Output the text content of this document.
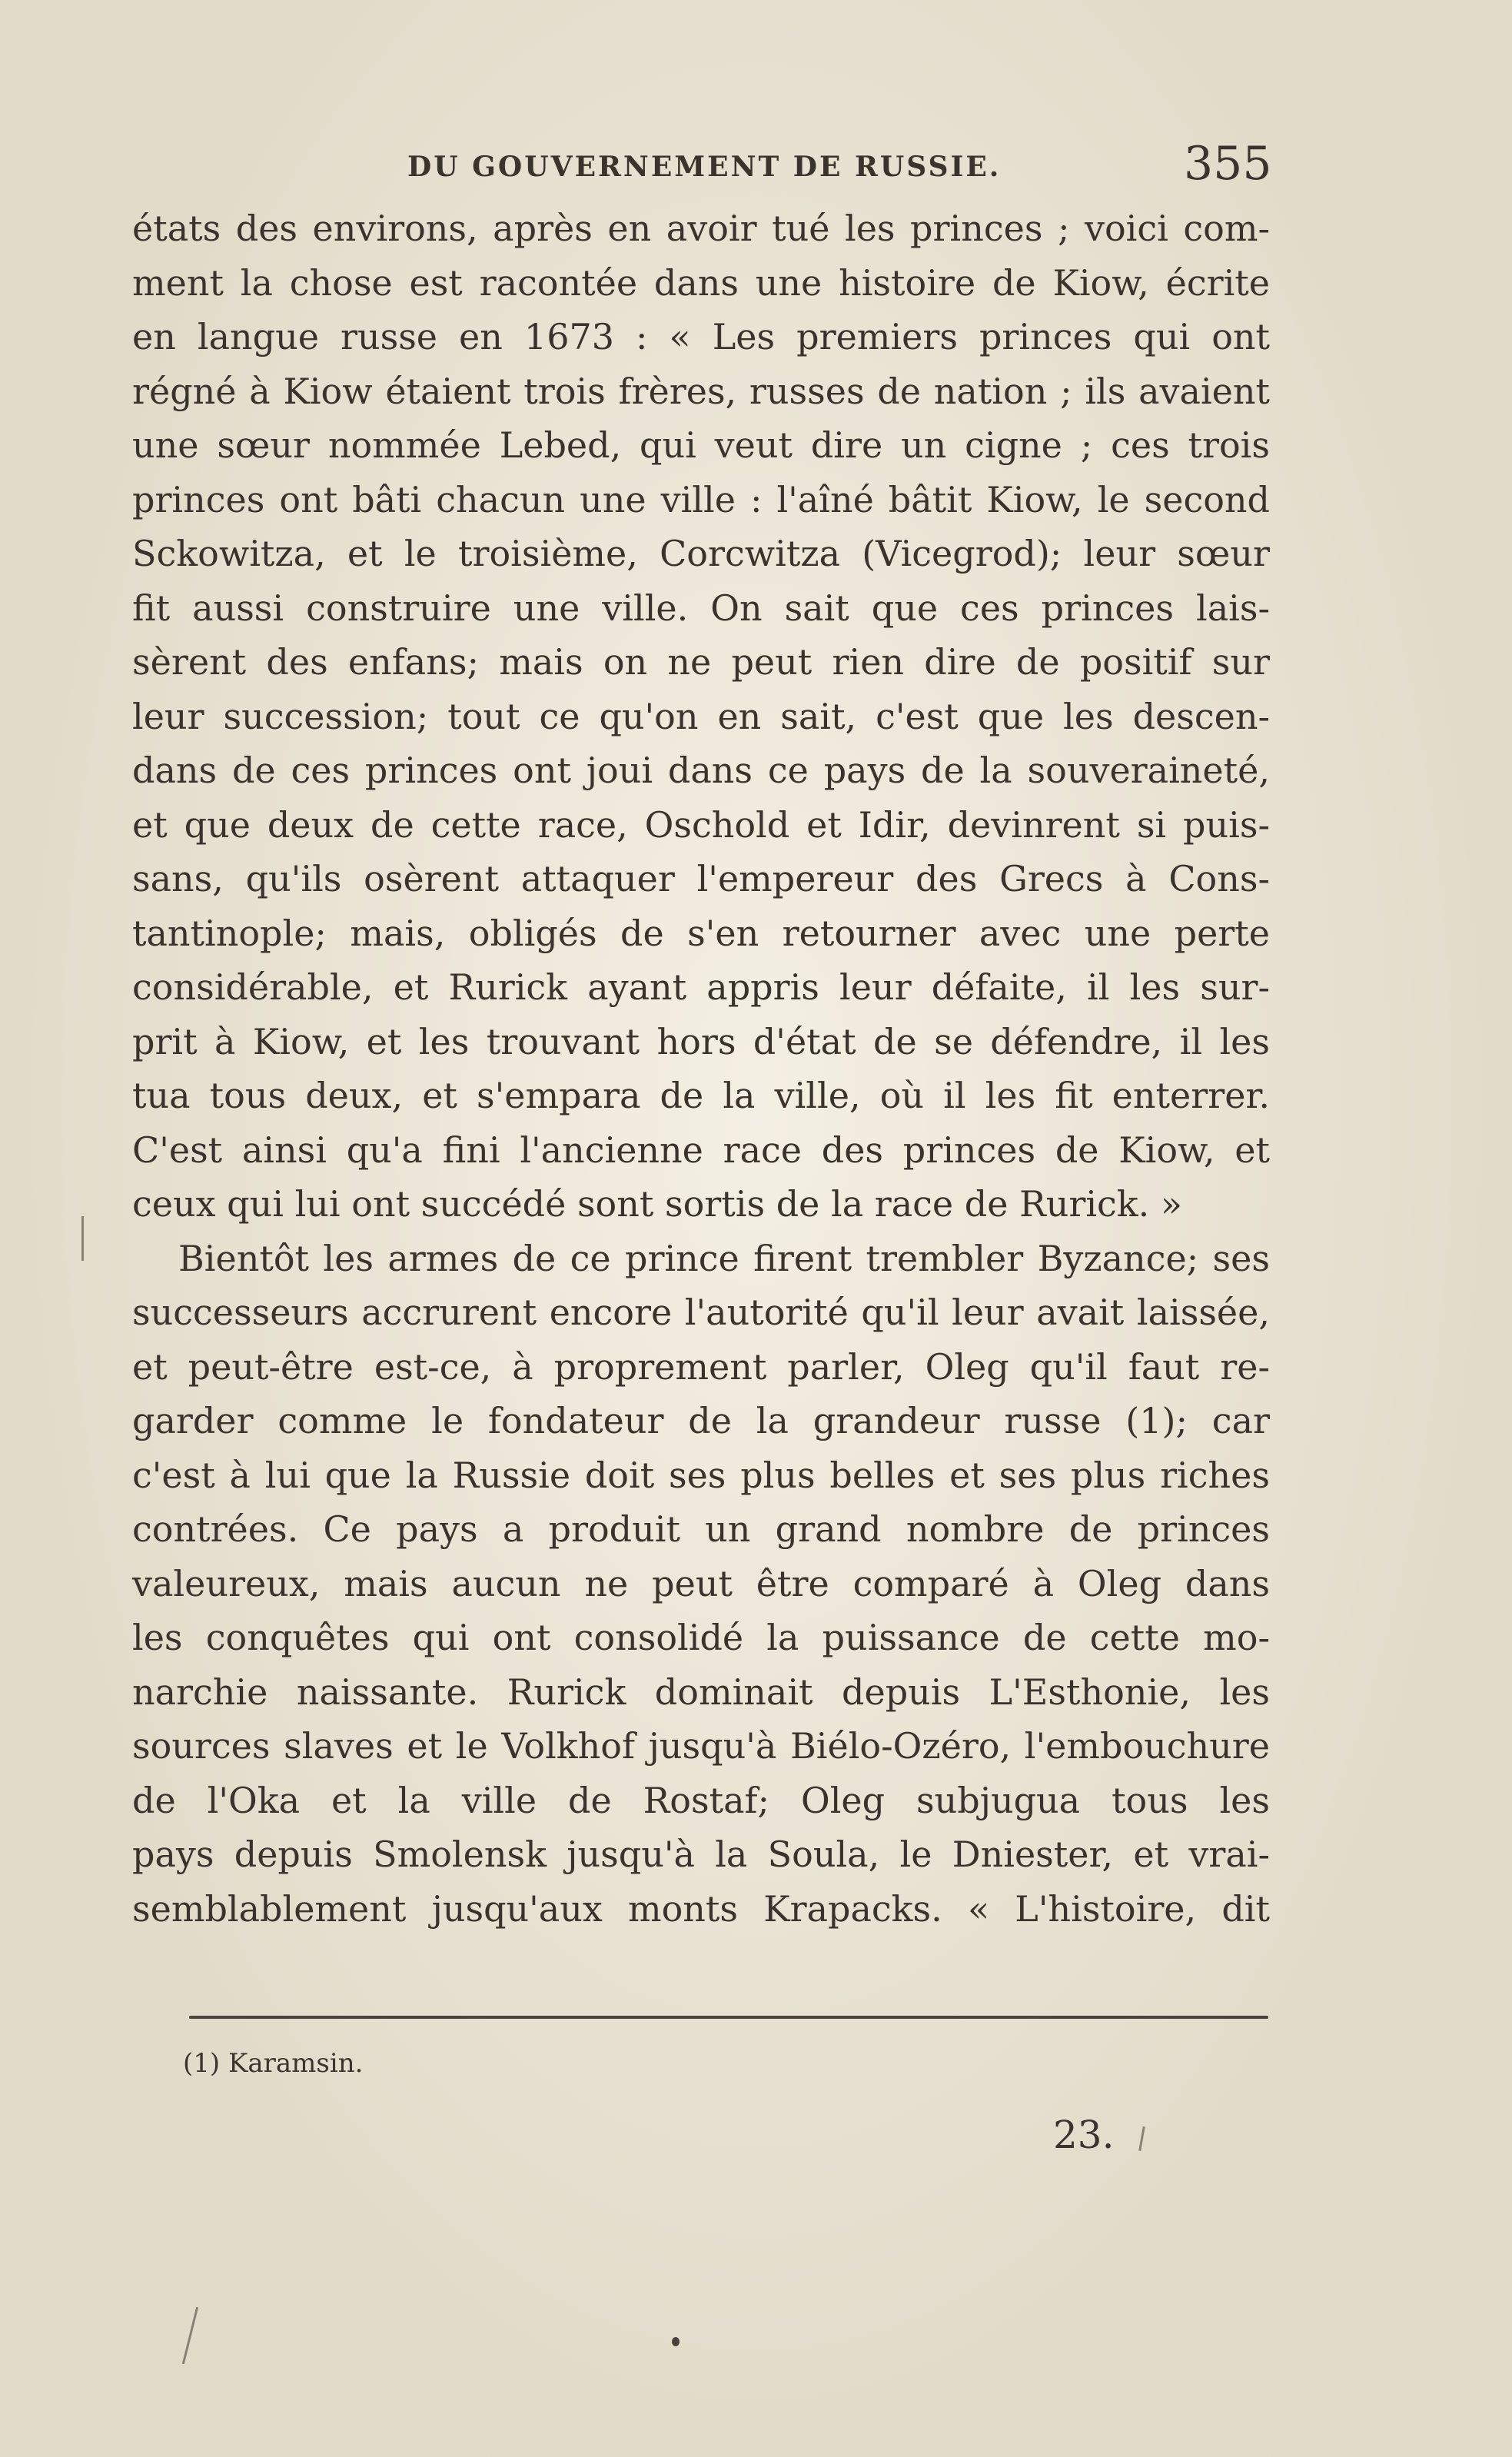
DU GOUVERNEMENT DE RUSSIE.	355
états des environs, après en avoir tué les princes ; voici com-
ment la chose est racontée dans une histoire de Kiow, écrite
en langue russe en 1673 : « Les premiers princes qui ont
régné à Kiow étaient trois frères, russes de nation ; ils avaient
une sœur nommée Lebed, qui veut dire un cigne ; ces trois
princes ont bâti chacun une ville : l'aîné bâtit Kiow, le second
Sckowitza, et le troisième, Corcwitza (Vicegrod); leur sœur
fit aussi construire une ville. On sait que ces princes lais-
sèrent des enfans; mais on ne peut rien dire de positif sur
leur succession; tout ce qu'on en sait, c'est que les descen-
dans de ces princes ont joui dans ce pays de la souveraineté,
et que deux de cette race, Oschold et Idir, devinrent si puis-
sans, qu'ils osèrent attaquer l'empereur des Grecs à Cons-
tantinople; mais, obligés de s'en retourner avec une perte
considérable, et Rurick ayant appris leur défaite, il les sur-
prit à Kiow, et les trouvant hors d'état de se défendre, il les
tua tous deux, et s'empara de la ville, où il les fit enterrer.
C'est ainsi qu'a fini l'ancienne race des princes de Kiow, et
ceux qui lui ont succédé sont sortis de la race de Rurick. »
Bientôt les armes de ce prince firent trembler Byzance; ses
successeurs accrurent encore l'autorité qu'il leur avait laissée,
et peut-être est-ce, à proprement parler, Oleg qu'il faut re-
garder comme le fondateur de la grandeur russe (1); car
c'est à lui que la Russie doit ses plus belles et ses plus riches
contrées. Ce pays a produit un grand nombre de princes
valeureux, mais aucun ne peut être comparé à Oleg dans
les conquêtes qui ont consolidé la puissance de cette mo-
narchie naissante. Rurick dominait depuis L'Esthonie, les
sources slaves et le Volkhof jusqu'à Biélo-Ozéro, l'embouchure
de l'Oka et la ville de Rostaf; Oleg subjugua tous les
pays depuis Smolensk jusqu'à la Soula, le Dniester, et vrai-
semblablement jusqu'aux monts Krapacks. « L'histoire, dit
(1) Karamsin.
23.
